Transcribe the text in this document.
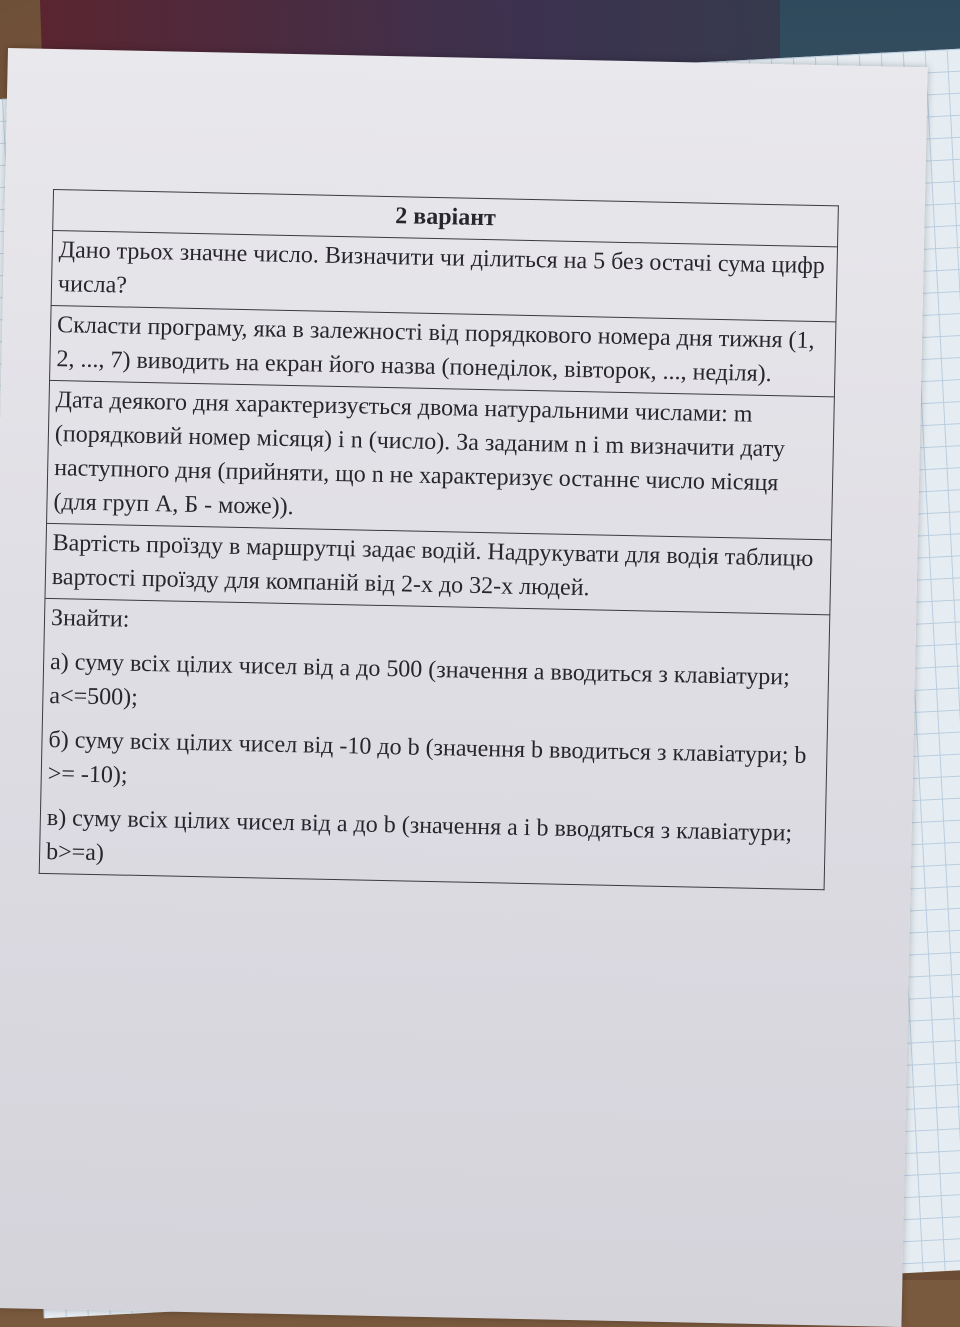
2 варіант
Дано трьох значне число. Визначити чи ділиться на 5 без остачі сума цифр числа?
Скласти програму, яка в залежності від порядкового номера дня тижня (1, 2, ..., 7) виводить на екран його назва (понеділок, вівторок, ..., неділя).
Дата деякого дня характеризується двома натуральними числами: m (порядковий номер місяця) і n (число). За заданим n і m визначити дату наступного дня (прийняти, що n не характеризує останнє число місяця (для груп А, Б - може)).
Вартість проїзду в маршрутці задає водій. Надрукувати для водія таблицю вартості проїзду для компаній від 2-х до 32-х людей.

Знайти:
а) суму всіх цілих чисел від a до 500 (значення a вводиться з клавіатури; a<=500);
б) суму всіх цілих чисел від -10 до b (значення b вводиться з клавіатури; b >= -10);
в) суму всіх цілих чисел від a до b (значення a і b вводяться з клавіатури; b>=a)
